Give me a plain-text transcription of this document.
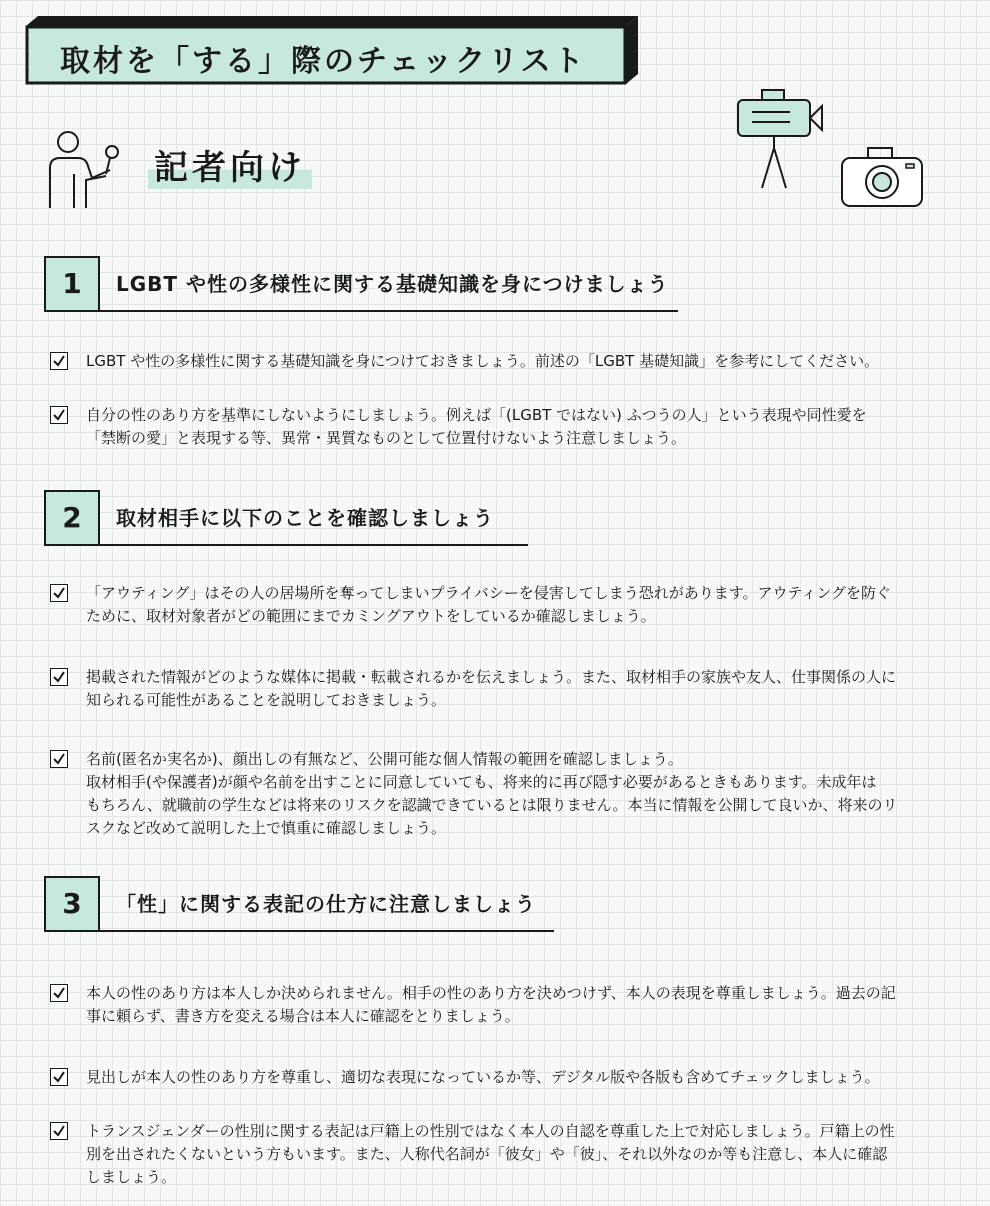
取材を「する」際のチェックリスト
記者向け
1	LGBT や性の多様性に関する基礎知識を身につけましょう
LGBT や性の多様性に関する基礎知識を身につけておきましょう。前述の「LGBT 基礎知識」を参考にしてください。
自分の性のあり方を基準にしないようにしましょう。例えば「(LGBT ではない) ふつうの人」という表現や同性愛を
「禁断の愛」と表現する等、異常・異質なものとして位置付けないよう注意しましょう。
2	取材相手に以下のことを確認しましょう
「アウティング」はその人の居場所を奪ってしまいプライバシーを侵害してしまう恐れがあります。アウティングを防ぐ
ために、取材対象者がどの範囲にまでカミングアウトをしているか確認しましょう。
掲載された情報がどのような媒体に掲載・転載されるかを伝えましょう。また、取材相手の家族や友人、仕事関係の人に
知られる可能性があることを説明しておきましょう。
名前(匿名か実名か)、顔出しの有無など、公開可能な個人情報の範囲を確認しましょう。
取材相手(や保護者)が顔や名前を出すことに同意していても、将来的に再び隠す必要があるときもあります。未成年は
もちろん、就職前の学生などは将来のリスクを認識できているとは限りません。本当に情報を公開して良いか、将来のリ
スクなど改めて説明した上で慎重に確認しましょう。
3	「性」に関する表記の仕方に注意しましょう
本人の性のあり方は本人しか決められません。相手の性のあり方を決めつけず、本人の表現を尊重しましょう。過去の記
事に頼らず、書き方を変える場合は本人に確認をとりましょう。
見出しが本人の性のあり方を尊重し、適切な表現になっているか等、デジタル版や各版も含めてチェックしましょう。
トランスジェンダーの性別に関する表記は戸籍上の性別ではなく本人の自認を尊重した上で対応しましょう。戸籍上の性
別を出されたくないという方もいます。また、人称代名詞が「彼女」や「彼」、それ以外なのか等も注意し、本人に確認
しましょう。
